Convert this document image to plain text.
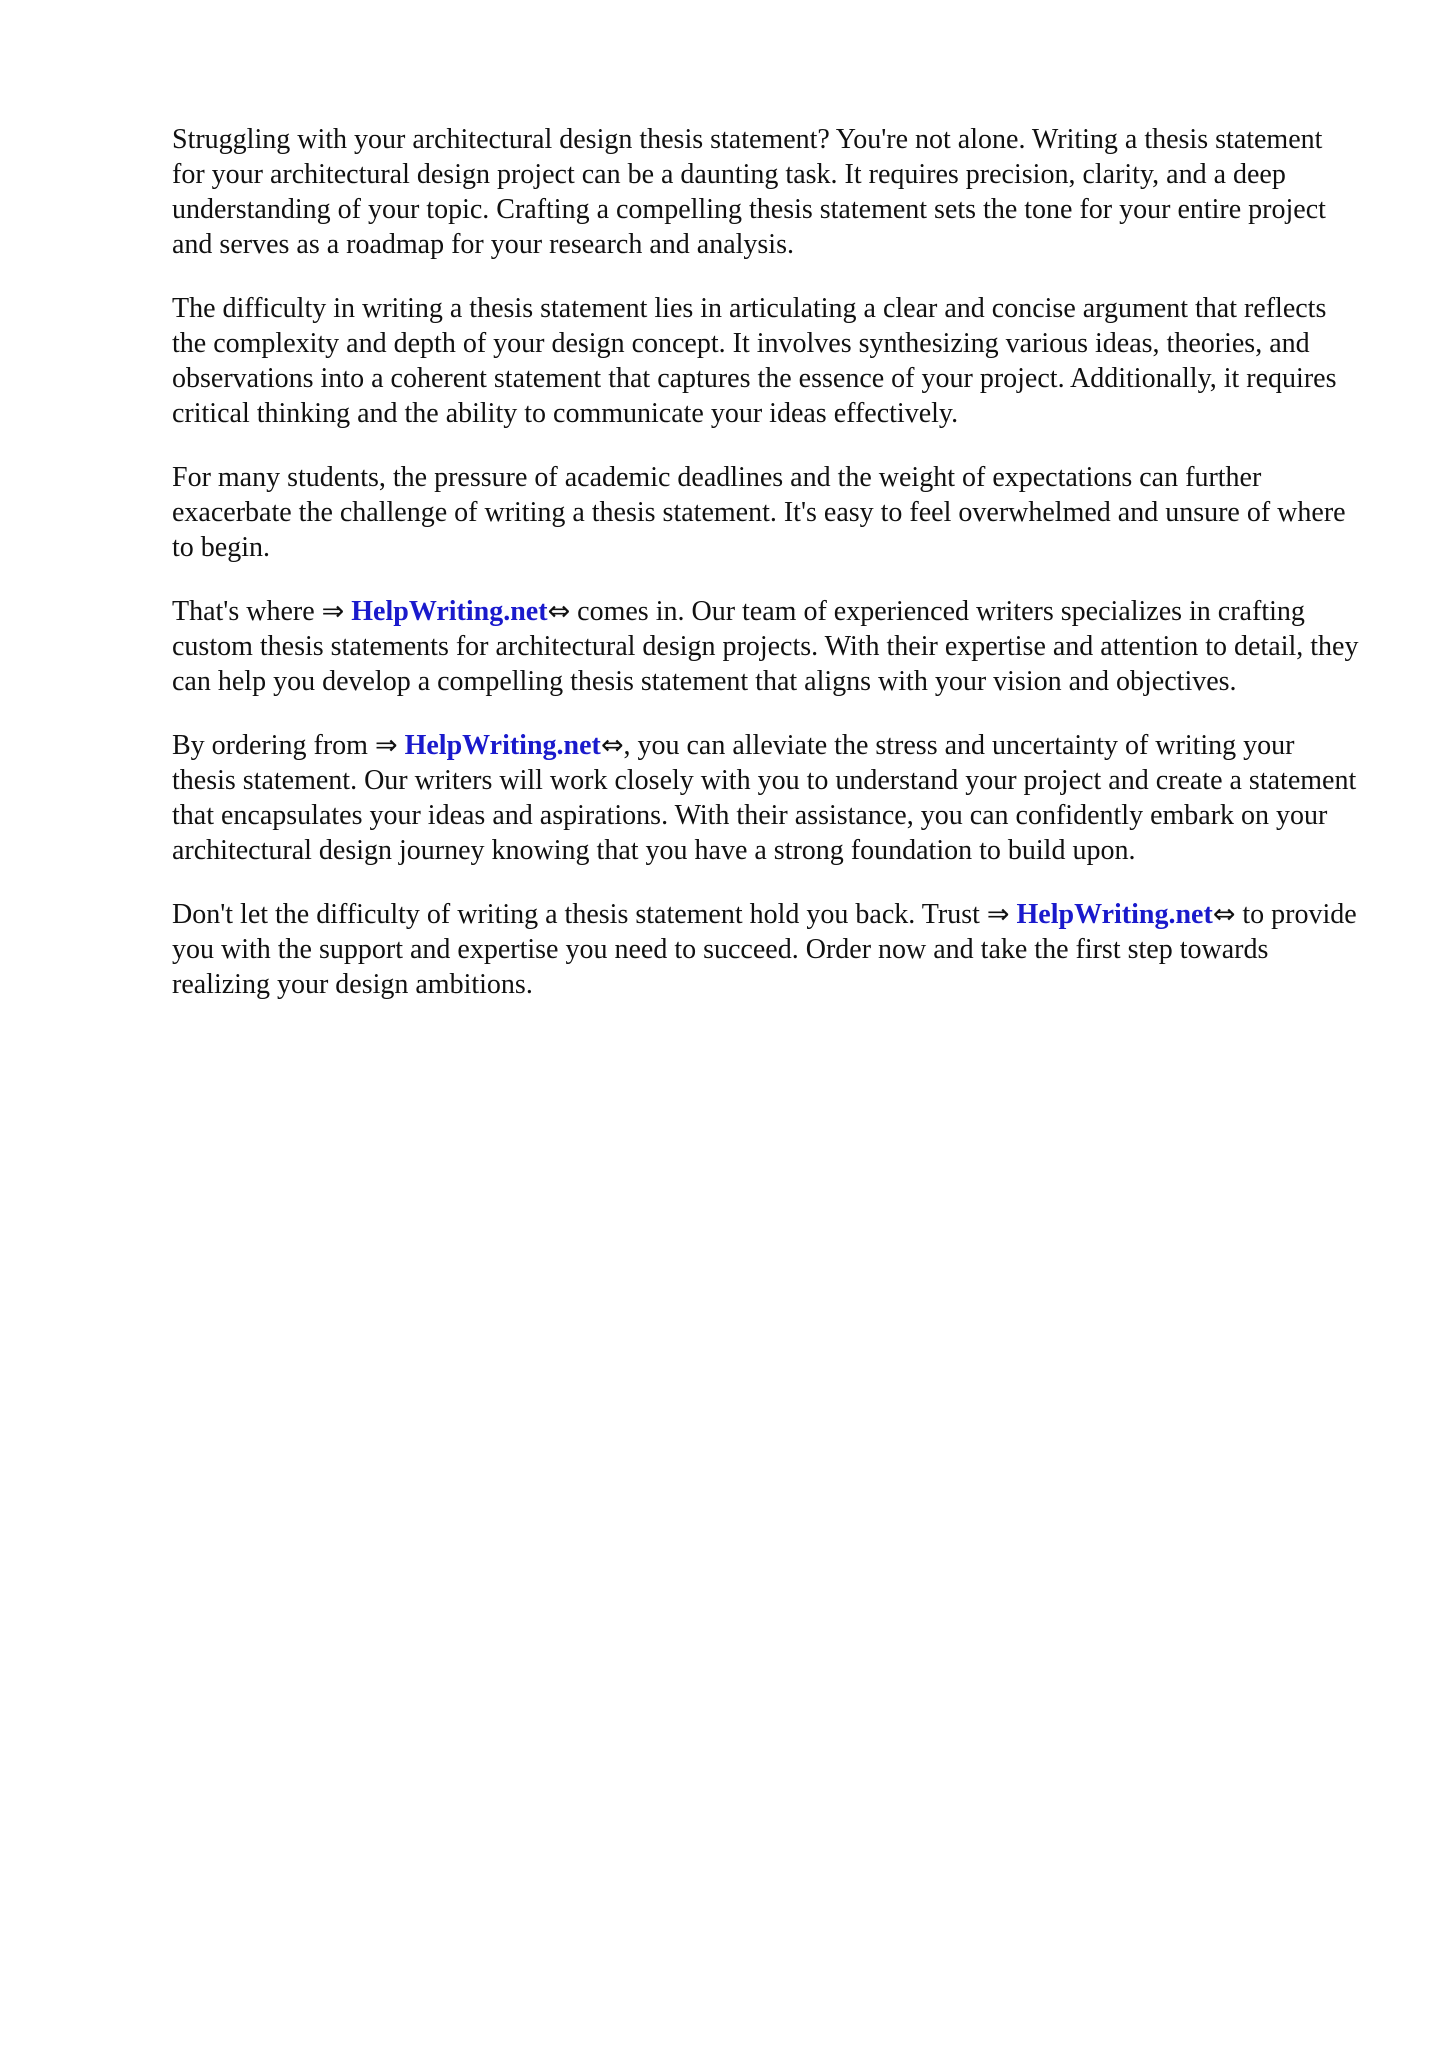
Struggling with your architectural design thesis statement? You're not alone. Writing a thesis statement for your architectural design project can be a daunting task. It requires precision, clarity, and a deep understanding of your topic. Crafting a compelling thesis statement sets the tone for your entire project and serves as a roadmap for your research and analysis.

The difficulty in writing a thesis statement lies in articulating a clear and concise argument that reflects the complexity and depth of your design concept. It involves synthesizing various ideas, theories, and observations into a coherent statement that captures the essence of your project. Additionally, it requires critical thinking and the ability to communicate your ideas effectively.

For many students, the pressure of academic deadlines and the weight of expectations can further exacerbate the challenge of writing a thesis statement. It's easy to feel overwhelmed and unsure of where to begin.

That's where ⇒ HelpWriting.net⇔ comes in. Our team of experienced writers specializes in crafting custom thesis statements for architectural design projects. With their expertise and attention to detail, they can help you develop a compelling thesis statement that aligns with your vision and objectives.

By ordering from ⇒ HelpWriting.net⇔, you can alleviate the stress and uncertainty of writing your thesis statement. Our writers will work closely with you to understand your project and create a statement that encapsulates your ideas and aspirations. With their assistance, you can confidently embark on your architectural design journey knowing that you have a strong foundation to build upon.

Don't let the difficulty of writing a thesis statement hold you back. Trust ⇒ HelpWriting.net⇔ to provide you with the support and expertise you need to succeed. Order now and take the first step towards realizing your design ambitions.
